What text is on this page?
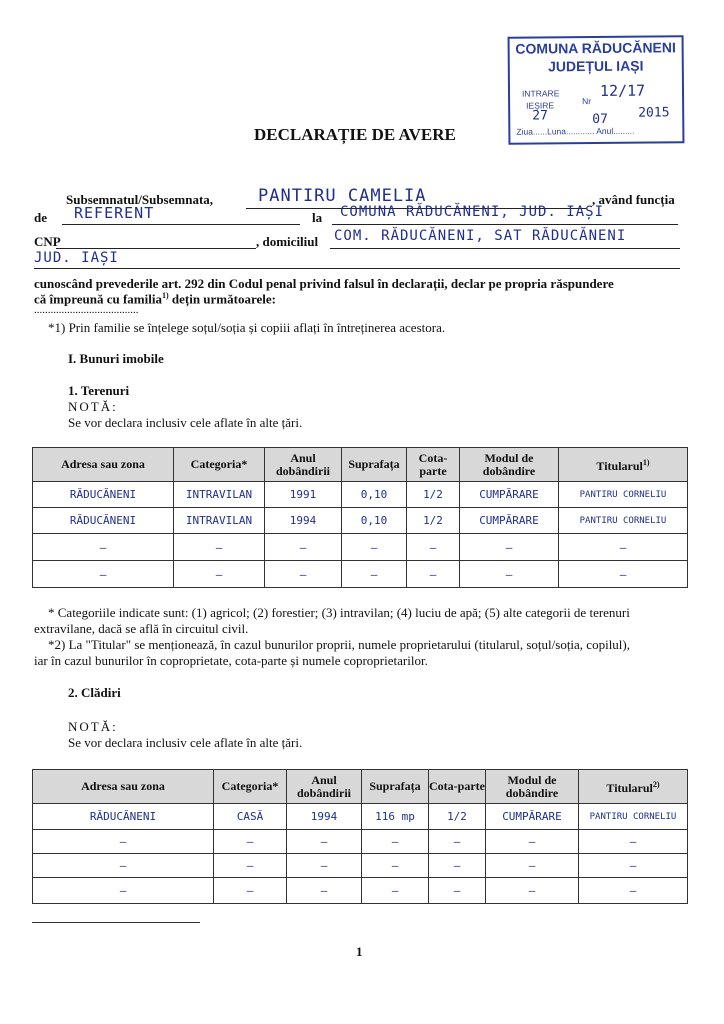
COMUNA RĂDUCĂNENI
JUDEȚUL IAȘI
INTRARE
IEȘIRE	Nr
12/17
27	07 2015
Ziua......Luna............ Anul.........
DECLARAȚIE DE AVERE
Subsemnatul/Subsemnata,	PANTIRU CAMELIA	, având funcția
de REFERENT	la COMUNA RĂDUCĂNENI, JUD. IAȘI
CNP	, domiciliul COM. RĂDUCĂNENI, SAT RĂDUCĂNENI
JUD. IAȘI
cunoscând prevederile art. 292 din Codul penal privind falsul în declarații, declar pe propria răspundere
că împreună cu familia$^{1)}$ dețin următoarele:
......................................
*1) Prin familie se înțelege soțul/soția și copiii aflați în întreținerea acestora.
I. Bunuri imobile
1. Terenuri
NOTĂ:
Se vor declara inclusiv cele aflate în alte țări.
Adresa sau zona	Categoria*	Anul dobândirii	Suprafața	Cota-parte	Modul de dobândire	Titularul$^{1)}$
RĂDUCĂNENI	INTRAVILAN	1991	0,10	1/2	CUMPĂRARE	PANTIRU CORNELIU
RĂDUCĂNENI	INTRAVILAN	1994	0,10	1/2	CUMPĂRARE	PANTIRU CORNELIU
—	—	—	—	—	—	—
—	—	—	—	—	—	—
* Categoriile indicate sunt: (1) agricol; (2) forestier; (3) intravilan; (4) luciu de apă; (5) alte categorii de terenuri
extravilane, dacă se află în circuitul civil.
*2) La "Titular" se menționează, în cazul bunurilor proprii, numele proprietarului (titularul, soțul/soția, copilul),
iar în cazul bunurilor în coproprietate, cota-parte și numele coproprietarilor.
2. Clădiri
NOTĂ:
Se vor declara inclusiv cele aflate în alte țări.
Adresa sau zona	Categoria*	Anul dobândirii	Suprafața	Cota-parte	Modul de dobândire	Titularul$^{2)}$
RĂDUCĂNENI	CASĂ	1994	116 mp	1/2	CUMPĂRARE	PANTIRU CORNELIU
—	—	—	—	—	—	—
—	—	—	—	—	—	—
—	—	—	—	—	—	—
1
